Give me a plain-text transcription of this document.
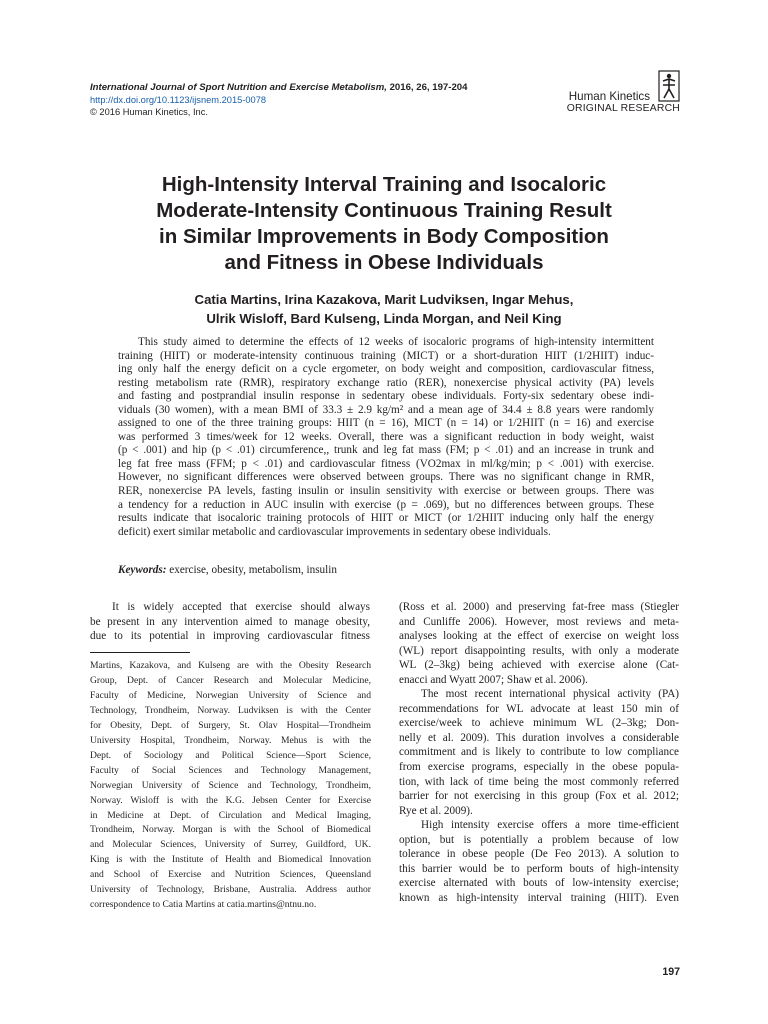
International Journal of Sport Nutrition and Exercise Metabolism, 2016, 26, 197-204
http://dx.doi.org/10.1123/ijsnem.2015-0078
© 2016 Human Kinetics, Inc.
Human Kinetics
ORIGINAL RESEARCH
High-Intensity Interval Training and Isocaloric
Moderate-Intensity Continuous Training Result
in Similar Improvements in Body Composition
and Fitness in Obese Individuals
Catia Martins, Irina Kazakova, Marit Ludviksen, Ingar Mehus,
Ulrik Wisloff, Bard Kulseng, Linda Morgan, and Neil King
This study aimed to determine the effects of 12 weeks of isocaloric programs of high-intensity intermittent
training (HIIT) or moderate-intensity continuous training (MICT) or a short-duration HIIT (1/2HIIT) induc-
ing only half the energy deficit on a cycle ergometer, on body weight and composition, cardiovascular fitness,
resting metabolism rate (RMR), respiratory exchange ratio (RER), nonexercise physical activity (PA) levels
and fasting and postprandial insulin response in sedentary obese individuals. Forty-six sedentary obese indi-
viduals (30 women), with a mean BMI of 33.3 ± 2.9 kg/m² and a mean age of 34.4 ± 8.8 years were randomly
assigned to one of the three training groups: HIIT (n = 16), MICT (n = 14) or 1/2HIIT (n = 16) and exercise
was performed 3 times/week for 12 weeks. Overall, there was a significant reduction in body weight, waist
(p < .001) and hip (p < .01) circumference,, trunk and leg fat mass (FM; p < .01) and an increase in trunk and
leg fat free mass (FFM; p < .01) and cardiovascular fitness (VO2max in ml/kg/min; p < .001) with exercise.
However, no significant differences were observed between groups. There was no significant change in RMR,
RER, nonexercise PA levels, fasting insulin or insulin sensitivity with exercise or between groups. There was
a tendency for a reduction in AUC insulin with exercise (p = .069), but no differences between groups. These
results indicate that isocaloric training protocols of HIIT or MICT (or 1/2HIIT inducing only half the energy
deficit) exert similar metabolic and cardiovascular improvements in sedentary obese individuals.
Keywords: exercise, obesity, metabolism, insulin
It is widely accepted that exercise should always
be present in any intervention aimed to manage obesity,
due to its potential in improving cardiovascular fitness
Martins, Kazakova, and Kulseng are with the Obesity Research
Group, Dept. of Cancer Research and Molecular Medicine,
Faculty of Medicine, Norwegian University of Science and
Technology, Trondheim, Norway. Ludviksen is with the Center
for Obesity, Dept. of Surgery, St. Olav Hospital—Trondheim
University Hospital, Trondheim, Norway. Mehus is with the
Dept. of Sociology and Political Science—Sport Science,
Faculty of Social Sciences and Technology Management,
Norwegian University of Science and Technology, Trondheim,
Norway. Wisloff is with the K.G. Jebsen Center for Exercise
in Medicine at Dept. of Circulation and Medical Imaging,
Trondheim, Norway. Morgan is with the School of Biomedical
and Molecular Sciences, University of Surrey, Guildford, UK.
King is with the Institute of Health and Biomedical Innovation
and School of Exercise and Nutrition Sciences, Queensland
University of Technology, Brisbane, Australia. Address author
correspondence to Catia Martins at catia.martins@ntnu.no.
(Ross et al. 2000) and preserving fat-free mass (Stiegler
and Cunliffe 2006). However, most reviews and meta-
analyses looking at the effect of exercise on weight loss
(WL) report disappointing results, with only a moderate
WL (2–3kg) being achieved with exercise alone (Cat-
enacci and Wyatt 2007; Shaw et al. 2006).
The most recent international physical activity (PA)
recommendations for WL advocate at least 150 min of
exercise/week to achieve minimum WL (2–3kg; Don-
nelly et al. 2009). This duration involves a considerable
commitment and is likely to contribute to low compliance
from exercise programs, especially in the obese popula-
tion, with lack of time being the most commonly referred
barrier for not exercising in this group (Fox et al. 2012;
Rye et al. 2009).
High intensity exercise offers a more time-efficient
option, but is potentially a problem because of low
tolerance in obese people (De Feo 2013). A solution to
this barrier would be to perform bouts of high-intensity
exercise alternated with bouts of low-intensity exercise;
known as high-intensity interval training (HIIT). Even
197
